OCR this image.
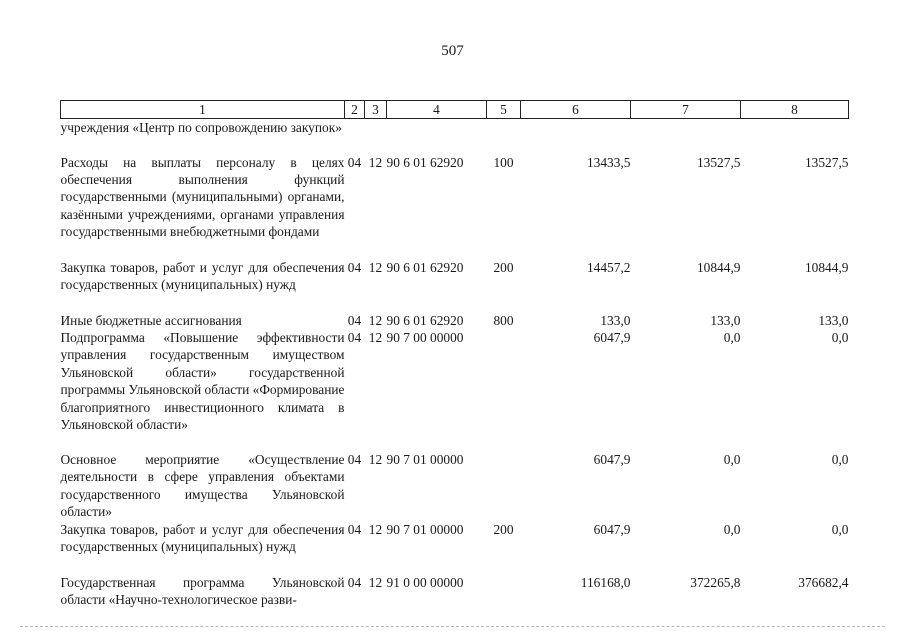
507
1	2	3	4	5	6	7	8
учреждения «Центр по сопровождению закупок»							
Расходы на выплаты персоналу в целях обеспечения выполнения функций государственными (муниципальными) органами, казёнными учреждениями, органами управления государственными внебюджетными фондами	04	12	90 6 01 62920	100	13433,5	13527,5	13527,5
Закупка товаров, работ и услуг для обеспечения государственных (муниципальных) нужд	04	12	90 6 01 62920	200	14457,2	10844,9	10844,9
Иные бюджетные ассигнования	04	12	90 6 01 62920	800	133,0	133,0	133,0
Подпрограмма «Повышение эффективности управления государственным имуществом Ульяновской области» государственной программы Ульяновской области «Формирование благоприятного инвестиционного климата в Ульяновской области»	04	12	90 7 00 00000		6047,9	0,0	0,0
Основное мероприятие «Осуществление деятельности в сфере управления объектами государственного имущества Ульяновской области»	04	12	90 7 01 00000		6047,9	0,0	0,0
Закупка товаров, работ и услуг для обеспечения государственных (муниципальных) нужд	04	12	90 7 01 00000	200	6047,9	0,0	0,0
Государственная программа Ульяновской области «Научно-технологическое разви-	04	12	91 0 00 00000		116168,0	372265,8	376682,4
